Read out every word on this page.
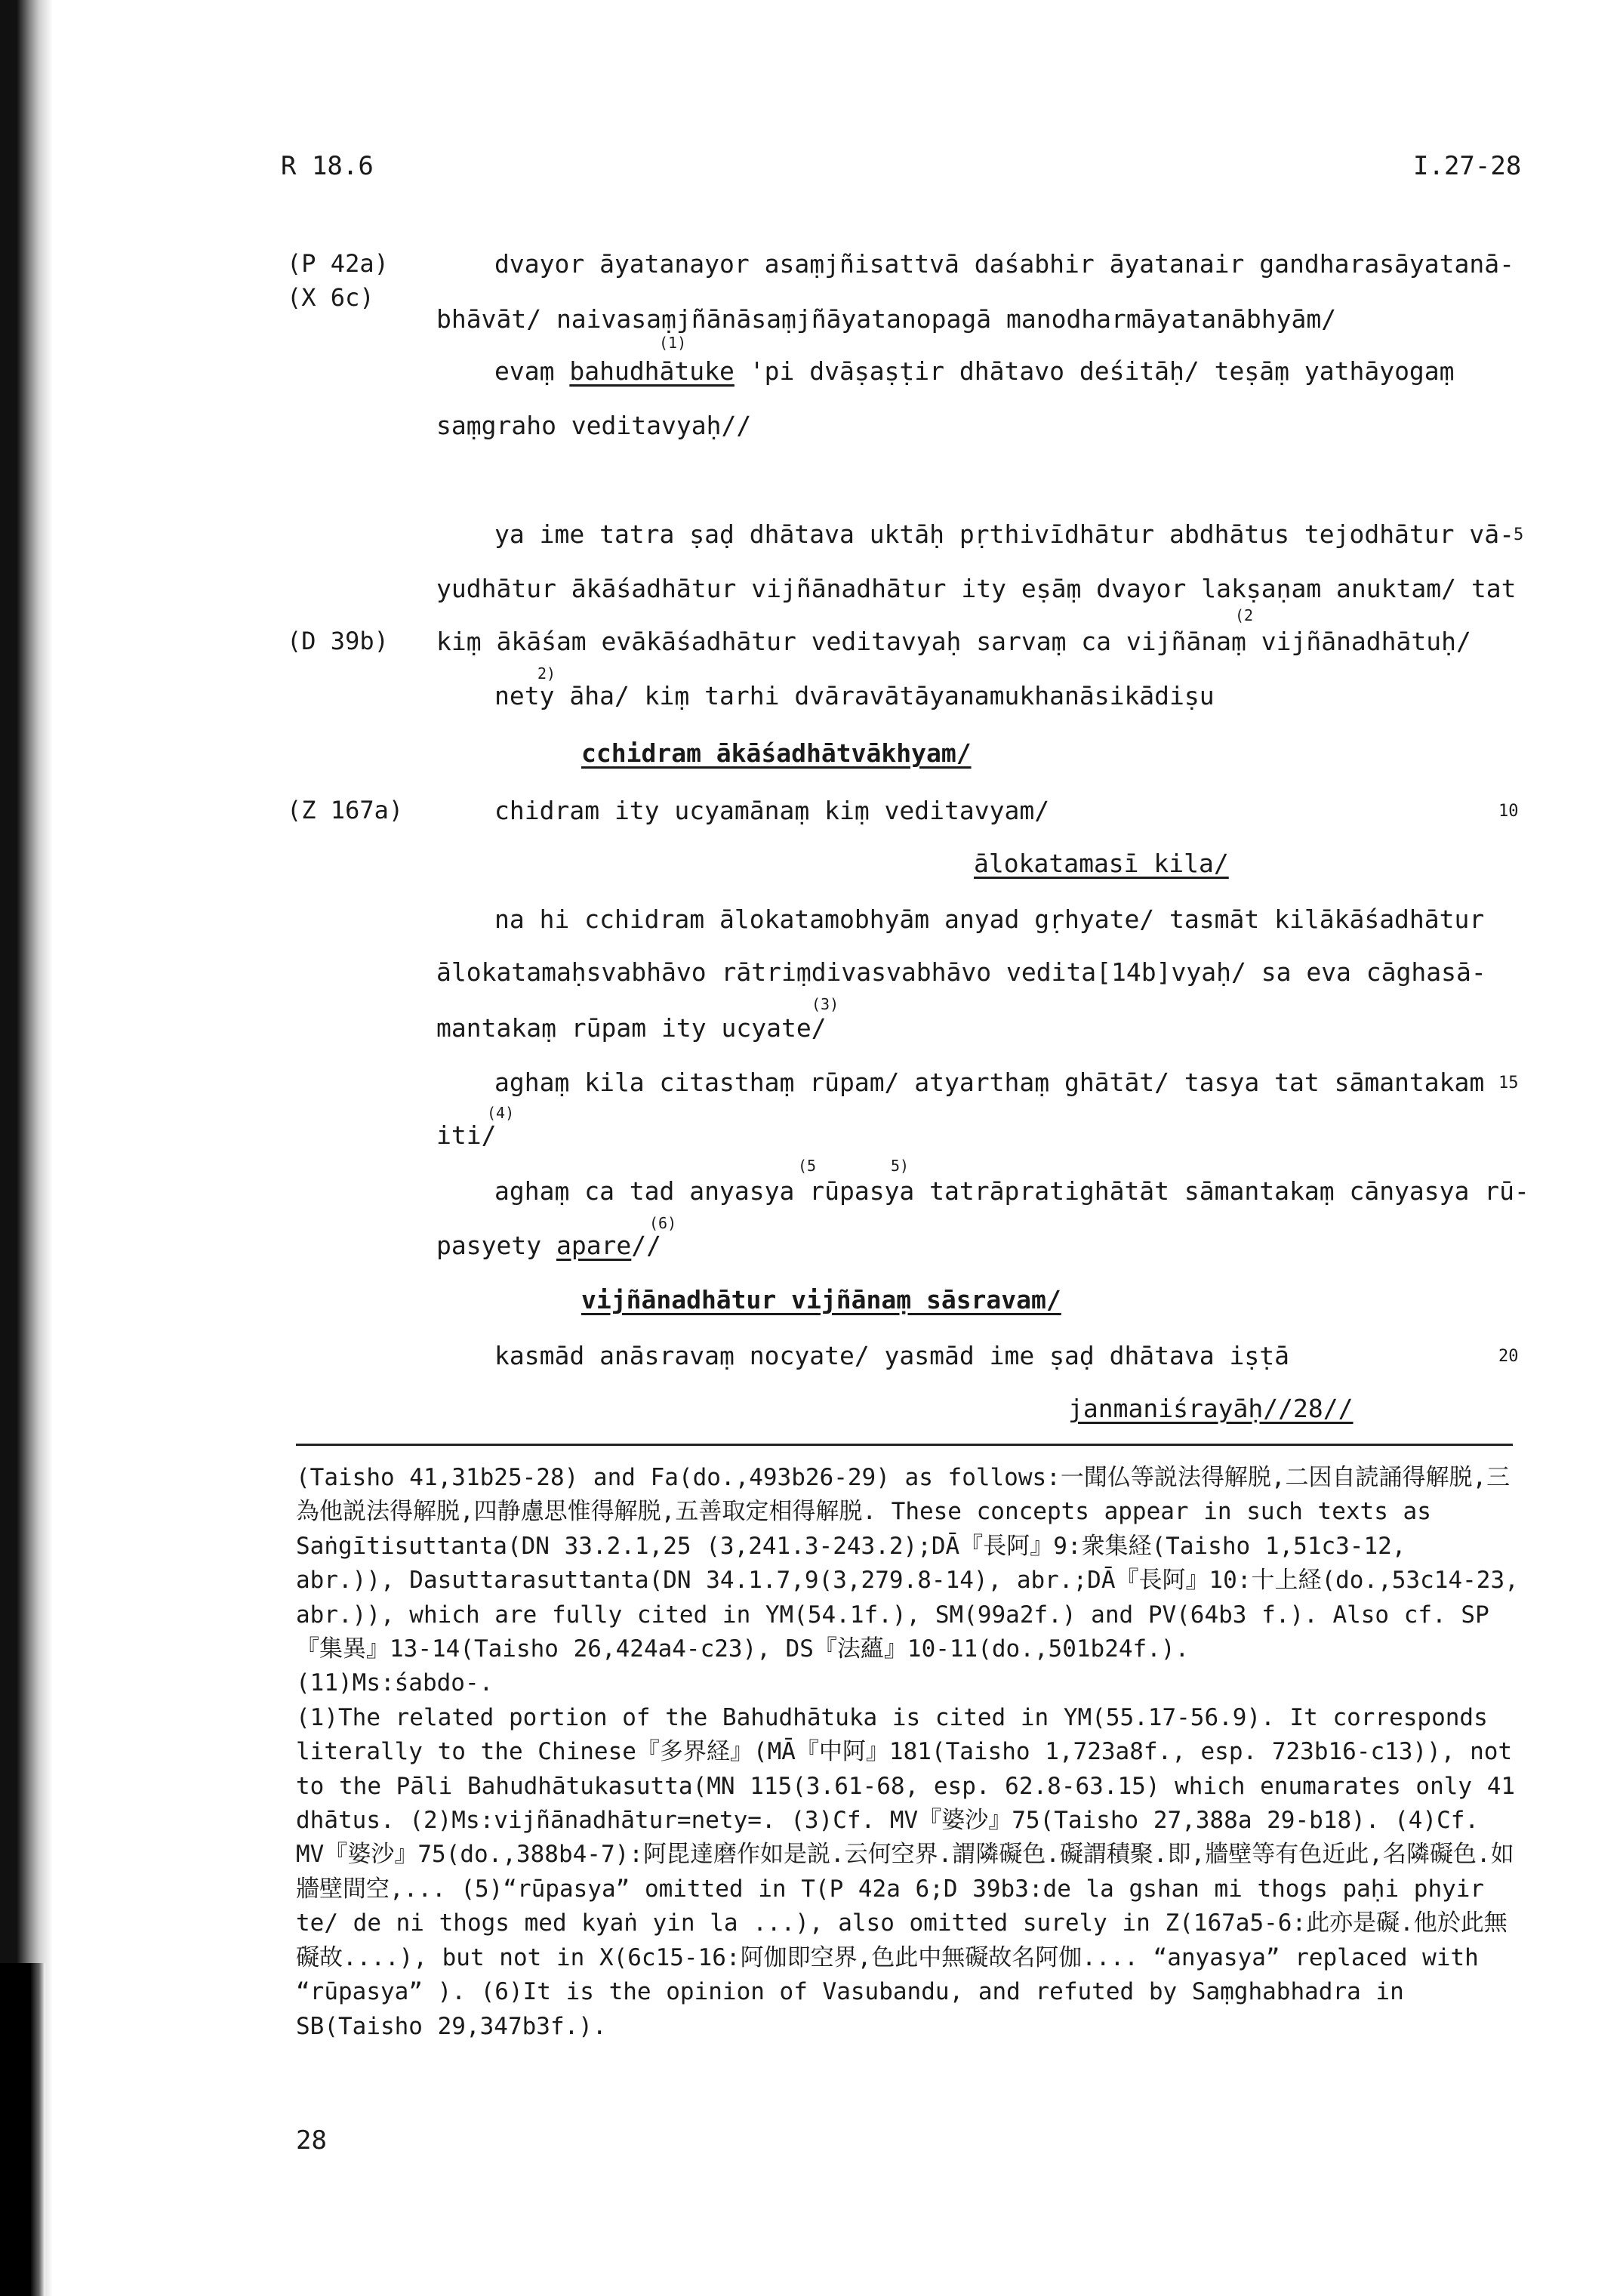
R 18.6	I.27-28
(P 42a)
(X 6c)
(D 39b)
(Z 167a)
(1)
(2
2)
(3)
(4)
(5	5)
(6)
dvayor āyatanayor asaṃjñisattvā daśabhir āyatanair gandharasāyatanā-
bhāvāt/ naivasaṃjñānāsaṃjñāyatanopagā manodharmāyatanābhyām/
evaṃ bahudhātuke 'pi dvāṣaṣṭir dhātavo deśitāḥ/ teṣāṃ yathāyogaṃ
saṃgraho veditavyaḥ//
ya ime tatra ṣaḍ dhātava uktāḥ pṛthivīdhātur abdhātus tejodhātur vā-
5
yudhātur ākāśadhātur vijñānadhātur ity eṣāṃ dvayor lakṣaṇam anuktam/ tat
kiṃ ākāśam evākāśadhātur veditavyaḥ sarvaṃ ca vijñānaṃ vijñānadhātuḥ/
nety āha/ kiṃ tarhi dvāravātāyanamukhanāsikādiṣu
cchidram ākāśadhātvākhyam/
chidram ity ucyamānaṃ kiṃ veditavyam/	10
ālokatamasī kila/
na hi cchidram ālokatamobhyām anyad gṛhyate/ tasmāt kilākāśadhātur
ālokatamaḥsvabhāvo rātriṃdivasvabhāvo vedita[14b]vyaḥ/ sa eva cāghasā-
mantakaṃ rūpam ity ucyate/
aghaṃ kila citasthaṃ rūpam/ atyarthaṃ ghātāt/ tasya tat sāmantakam 15
iti/
aghaṃ ca tad anyasya rūpasya tatrāpratighātāt sāmantakaṃ cānyasya rū-
pasyety apare//
vijñānadhātur vijñānaṃ sāsravam/
kasmād anāsravaṃ nocyate/ yasmād ime ṣaḍ dhātava iṣṭā	20
janmaniśrayāḥ//28//

(Taisho 41,31b25-28) and Fa(do.,493b26-29) as follows:一聞仏等説法得解脱,二因自読誦得解脱,三為他説法得解脱,四静慮思惟得解脱,五善取定相得解脱. These concepts appear in such texts as Saṅgītisuttanta(DN 33.2.1,25 (3,241.3-243.2);DĀ『長阿』9:衆集経(Taisho 1,51c3-12, abr.)), Dasuttarasuttanta(DN 34.1.7,9(3,279.8-14), abr.;DĀ『長阿』10:十上経(do.,53c14-23, abr.)), which are fully cited in YM(54.1f.), SM(99a2f.) and PV(64b3 f.). Also cf. SP『集異』13-14(Taisho 26,424a4-c23), DS『法蘊』10-11(do.,501b24f.).

(11)Ms:śabdo-.

(1)The related portion of the Bahudhātuka is cited in YM(55.17-56.9). It corresponds literally to the Chinese『多界経』(MĀ『中阿』181(Taisho 1,723a8f., esp. 723b16-c13)), not to the Pāli Bahudhātukasutta(MN 115(3.61-68, esp. 62.8-63.15) which enumarates only 41 dhātus. (2)Ms:vijñānadhātur=nety=. (3)Cf. MV『婆沙』75(Taisho 27,388a 29-b18). (4)Cf. MV『婆沙』75(do.,388b4-7):阿毘達磨作如是説.云何空界.謂隣礙色.礙謂積聚.即,牆壁等有色近此,名隣礙色.如牆壁間空,... (5)“rūpasya” omitted in T(P 42a 6;D 39b3:de la gshan mi thogs paḥi phyir te/ de ni thogs med kyaṅ yin la ...), also omitted surely in Z(167a5-6:此亦是礙.他於此無礙故....), but not in X(6c15-16:阿伽即空界,色此中無礙故名阿伽.... “anyasya” replaced with “rūpasya” ). (6)It is the opinion of Vasubandu, and refuted by Saṃghabhadra in SB(Taisho 29,347b3f.).

28
